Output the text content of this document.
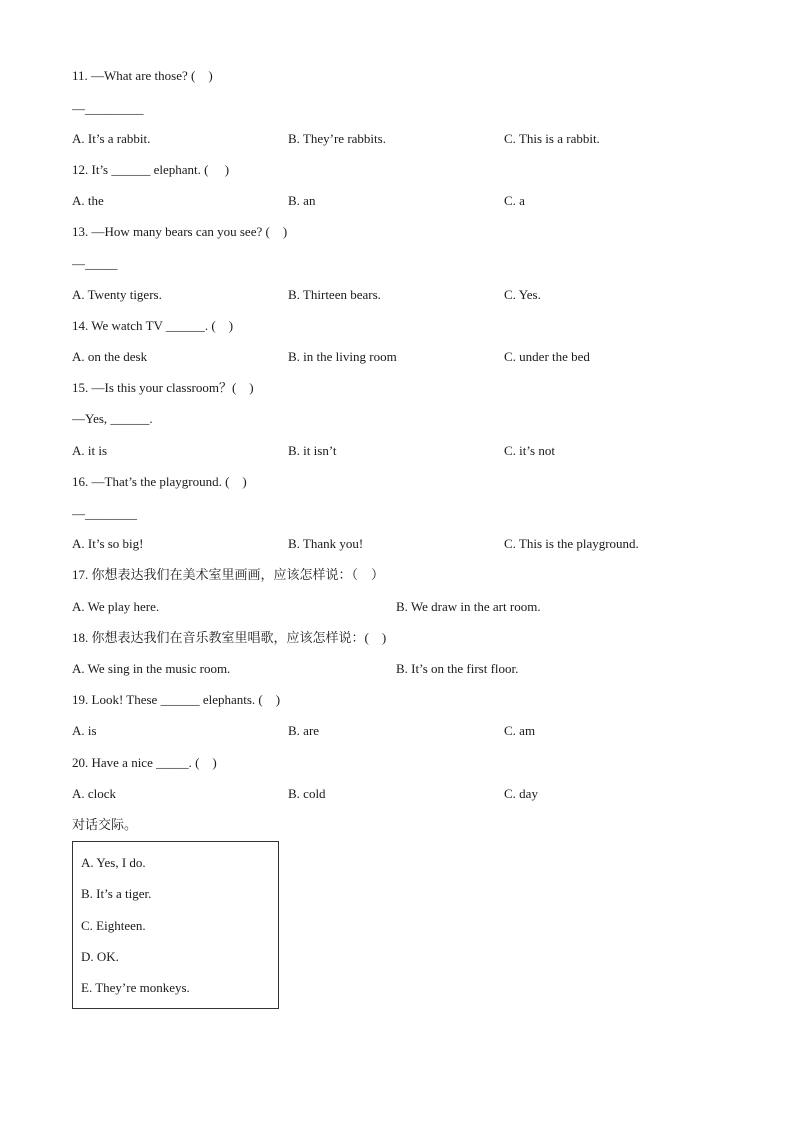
11. —What are those? (    )
—_________
A. It’s a rabbit.	B. They’re rabbits.	C. This is a rabbit.
12. It’s ______ elephant. (     )
A. the	B. an	C. a
13. —How many bears can you see? (    )
—_____
A. Twenty tigers.	B. Thirteen bears.	C. Yes.
14. We watch TV ______. (    )
A. on the desk	B. in the living room	C. under the bed
15. —Is this your classroom？(    )
—Yes, ______.
A. it is	B. it isn’t	C. it’s not
16. —That’s the playground. (    )
—________
A. It’s so big!	B. Thank you!	C. This is the playground.
17. 你想表达我们在美术室里画画，应该怎样说：（    ）
A. We play here.	B. We draw in the art room.
18. 你想表达我们在音乐教室里唱歌，应该怎样说：(    )
A. We sing in the music room.	B. It’s on the first floor.
19. Look! These ______ elephants. (    )
A. is	B. are	C. am
20. Have a nice _____. (    )
A. clock	B. cold	C. day
对话交际。
A. Yes, I do.
B. It’s a tiger.
C. Eighteen.
D. OK.
E. They’re monkeys.
